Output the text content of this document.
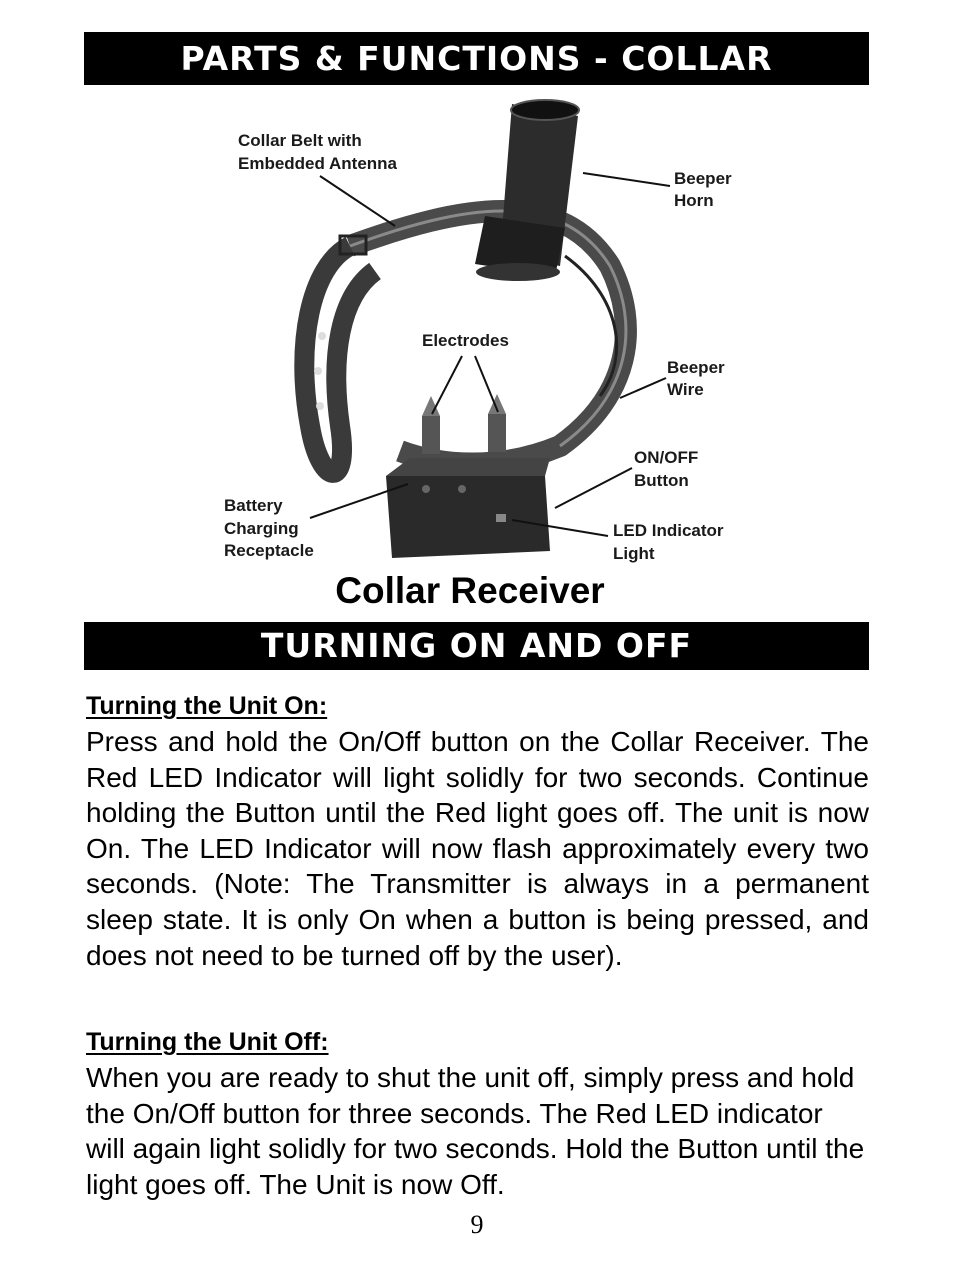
PARTS & FUNCTIONS - COLLAR
Collar Belt with
Embedded Antenna
Beeper
Horn
Electrodes
Beeper
Wire
ON/OFF
Button
Battery
Charging
Receptacle
LED Indicator
Light
Collar Receiver
TURNING ON AND OFF
Turning the Unit On:
Press and hold the On/Off button on the Collar Receiver. The Red LED Indicator will light solidly for two seconds. Continue holding the Button until the Red light goes off. The unit is now On. The LED Indicator will now flash approximately every two seconds. (Note: The Transmitter is always in a permanent sleep state. It is only On when a button is being pressed, and does not need to be turned off by the user).
Turning the Unit Off:
When you are ready to shut the unit off, simply press and hold the On/Off button for three seconds. The Red LED indicator will again light solidly for two seconds. Hold the Button until the light goes off. The Unit is now Off.
9
